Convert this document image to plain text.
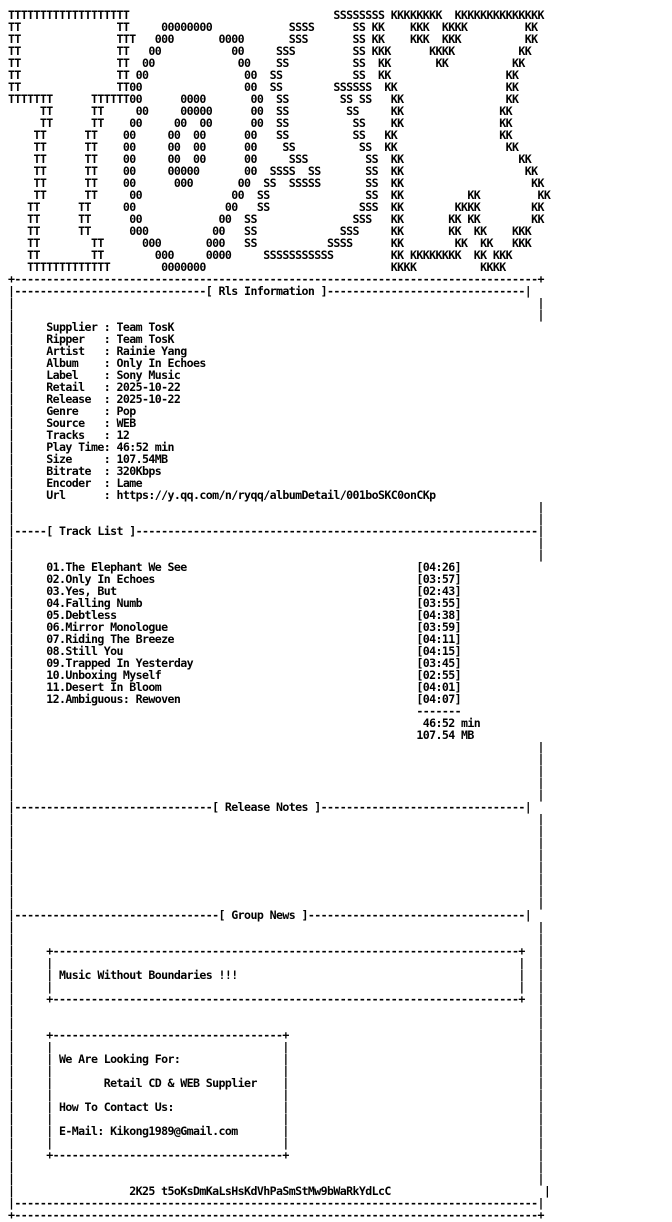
TTTTTTTTTTTTTTTTTTT                                SSSSSSSS KKKKKKKK  KKKKKKKKKKKKKK
TT               TT     00000000            SSSS      SS KK    KKK  KKKK         KK
TT               TTT   000       0000       SSS       SS KK    KKK  KKK          KK
TT               TT   00           00     SSS         SS KKK      KKKK          KK
TT               TT  00             00    SS          SS  KK       KK          KK
TT               TT 00               00  SS           SS  KK                  KK
TT               TT00                00  SS        SSSSSS  KK                 KK
TTTTTTT      TTTTTT00      0000       00  SS        SS SS   KK                KK
TT      TT     00     00000      00  SS         SS     KK               KK
TT      TT    00     00  00      00  SS          SS    KK               KK
TT      TT    00     00  00      00   SS          SS   KK                KK
TT      TT    00     00  00      00    SS          SS  KK                 KK
TT      TT    00     00  00      00     SSS         SS  KK                  KK
TT      TT    00     00000       00  SSSS  SS       SS  KK                   KK
TT      TT    00      000       00  SS  SSSSS       SS  KK                    KK
TT      TT     00              00  SS               SS  KK          KK         KK
TT      TT     00              00   SS              SSS  KK        KKKK        KK
TT      TT      00            00  SS               SSS   KK       KK KK        KK
TT      TT      000          00   SS             SSS     KK       KK  KK    KKK
TT        TT      000       000   SS           SSSS      KK        KK  KK   KKK
TT        TT        000     0000     SSSSSSSSSSS         KK KKKKKKKK  KK KKK
TTTTTTTTTTTTT        0000000                             KKKK          KKKK
+----------------------------------------------------------------------------------+
|------------------------------[ Rls Information ]-------------------------------|
|                                                                                  |
|                                                                                  |
|     Supplier : Team TosK
|     Ripper   : Team TosK
|     Artist   : Rainie Yang
|     Album    : Only In Echoes
|     Label    : Sony Music
|     Retail   : 2025-10-22
|     Release  : 2025-10-22
|     Genre    : Pop
|     Source   : WEB
|     Tracks   : 12
|     Play Time: 46:52 min
|     Size     : 107.54MB
|     Bitrate  : 320Kbps
|     Encoder  : Lame
|     Url      : https://y.qq.com/n/ryqq/albumDetail/001boSKC0onCKp
|                                                                                  |
|                                                                                  |
|-----[ Track List ]---------------------------------------------------------------|
|                                                                                  |
|                                                                                  |
|     01.The Elephant We See                                    [04:26]
|     02.Only In Echoes                                         [03:57]
|     03.Yes, But                                               [02:43]
|     04.Falling Numb                                           [03:55]
|     05.Debtless                                               [04:38]
|     06.Mirror Monologue                                       [03:59]
|     07.Riding The Breeze                                      [04:11]
|     08.Still You                                              [04:15]
|     09.Trapped In Yesterday                                   [03:45]
|     10.Unboxing Myself                                        [02:55]
|     11.Desert In Bloom                                        [04:01]
|     12.Ambiguous: Rewoven                                     [04:07]
|                                                               -------
|                                                                46:52 min
|                                                               107.54 MB
|                                                                                  |
|                                                                                  |
|                                                                                  |
|                                                                                  |
|                                                                                  |
|-------------------------------[ Release Notes ]--------------------------------|
|                                                                                  |
|                                                                                  |
|                                                                                  |
|                                                                                  |
|                                                                                  |
|                                                                                  |
|                                                                                  |
|                                                                                  |
|--------------------------------[ Group News ]----------------------------------|
|                                                                                  |
|                                                                                  |
|     +-------------------------------------------------------------------------+  |
|     |                                                                         |  |
|     | Music Without Boundaries !!!                                            |  |
|     |                                                                         |  |
|     +-------------------------------------------------------------------------+  |
|                                                                                  |
|                                                                                  |
|     +------------------------------------+                                       |
|     |                                    |                                       |
|     | We Are Looking For:                |                                       |
|     |                                    |                                       |
|     |        Retail CD & WEB Supplier    |                                       |
|     |                                    |                                       |
|     | How To Contact Us:                 |                                       |
|     |                                    |                                       |
|     | E-Mail: Kikong1989@Gmail.com       |                                       |
|     |                                    |                                       |
|     +------------------------------------+                                       |
|                                                                                  |
|                                                                                  |
|                  2K25 t5oKsDmKaLsHsKdVhPaSmStMw9bWaRkYdLcC                        |
|----------------------------------------------------------------------------------|
+----------------------------------------------------------------------------------+
